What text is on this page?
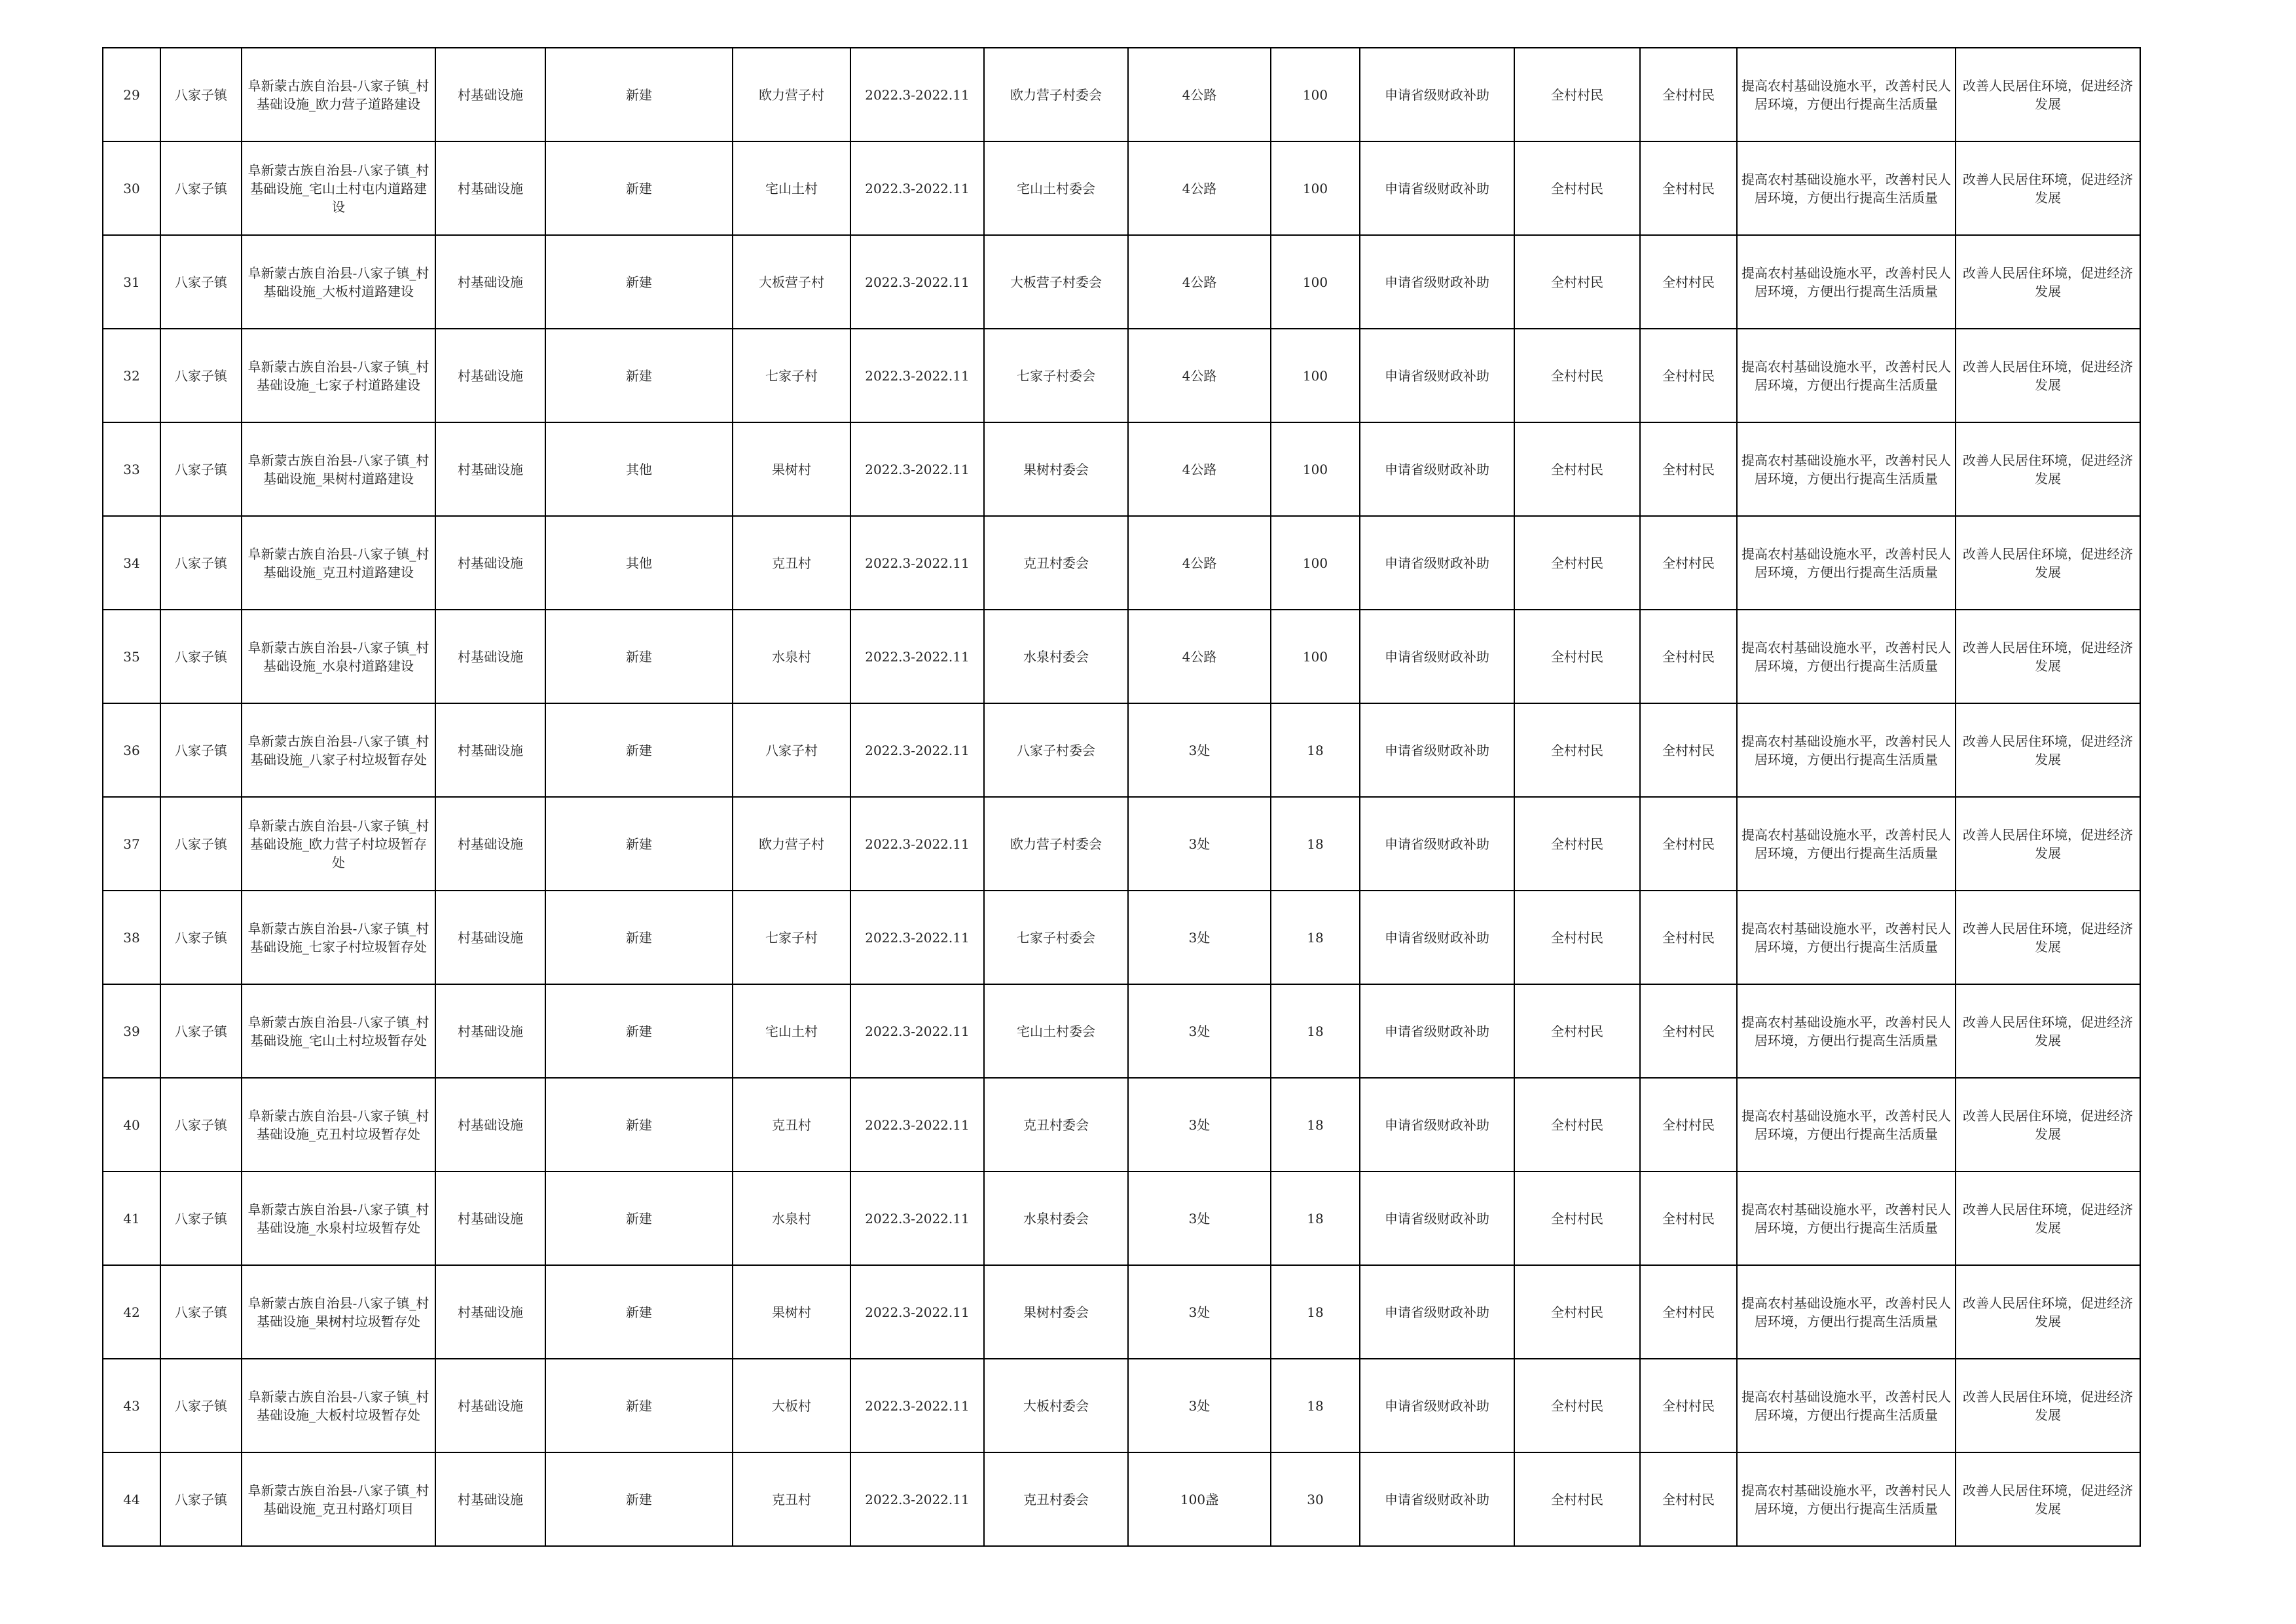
29	八家子镇	阜新蒙古族自治县-八家子镇_村基础设施_欧力营子道路建设	村基础设施	新建	欧力营子村	2022.3-2022.11	欧力营子村委会	4公路	100	申请省级财政补助	全村村民	全村村民	提高农村基础设施水平，改善村民人居环境，方便出行提高生活质量	改善人民居住环境，促进经济发展
30	八家子镇	阜新蒙古族自治县-八家子镇_村基础设施_宅山土村屯内道路建设	村基础设施	新建	宅山土村	2022.3-2022.11	宅山土村委会	4公路	100	申请省级财政补助	全村村民	全村村民	提高农村基础设施水平，改善村民人居环境，方便出行提高生活质量	改善人民居住环境，促进经济发展
31	八家子镇	阜新蒙古族自治县-八家子镇_村基础设施_大板村道路建设	村基础设施	新建	大板营子村	2022.3-2022.11	大板营子村委会	4公路	100	申请省级财政补助	全村村民	全村村民	提高农村基础设施水平，改善村民人居环境，方便出行提高生活质量	改善人民居住环境，促进经济发展
32	八家子镇	阜新蒙古族自治县-八家子镇_村基础设施_七家子村道路建设	村基础设施	新建	七家子村	2022.3-2022.11	七家子村委会	4公路	100	申请省级财政补助	全村村民	全村村民	提高农村基础设施水平，改善村民人居环境，方便出行提高生活质量	改善人民居住环境，促进经济发展
33	八家子镇	阜新蒙古族自治县-八家子镇_村基础设施_果树村道路建设	村基础设施	其他	果树村	2022.3-2022.11	果树村委会	4公路	100	申请省级财政补助	全村村民	全村村民	提高农村基础设施水平，改善村民人居环境，方便出行提高生活质量	改善人民居住环境，促进经济发展
34	八家子镇	阜新蒙古族自治县-八家子镇_村基础设施_克丑村道路建设	村基础设施	其他	克丑村	2022.3-2022.11	克丑村委会	4公路	100	申请省级财政补助	全村村民	全村村民	提高农村基础设施水平，改善村民人居环境，方便出行提高生活质量	改善人民居住环境，促进经济发展
35	八家子镇	阜新蒙古族自治县-八家子镇_村基础设施_水泉村道路建设	村基础设施	新建	水泉村	2022.3-2022.11	水泉村委会	4公路	100	申请省级财政补助	全村村民	全村村民	提高农村基础设施水平，改善村民人居环境，方便出行提高生活质量	改善人民居住环境，促进经济发展
36	八家子镇	阜新蒙古族自治县-八家子镇_村基础设施_八家子村垃圾暂存处	村基础设施	新建	八家子村	2022.3-2022.11	八家子村委会	3处	18	申请省级财政补助	全村村民	全村村民	提高农村基础设施水平，改善村民人居环境，方便出行提高生活质量	改善人民居住环境，促进经济发展
37	八家子镇	阜新蒙古族自治县-八家子镇_村基础设施_欧力营子村垃圾暂存处	村基础设施	新建	欧力营子村	2022.3-2022.11	欧力营子村委会	3处	18	申请省级财政补助	全村村民	全村村民	提高农村基础设施水平，改善村民人居环境，方便出行提高生活质量	改善人民居住环境，促进经济发展
38	八家子镇	阜新蒙古族自治县-八家子镇_村基础设施_七家子村垃圾暂存处	村基础设施	新建	七家子村	2022.3-2022.11	七家子村委会	3处	18	申请省级财政补助	全村村民	全村村民	提高农村基础设施水平，改善村民人居环境，方便出行提高生活质量	改善人民居住环境，促进经济发展
39	八家子镇	阜新蒙古族自治县-八家子镇_村基础设施_宅山土村垃圾暂存处	村基础设施	新建	宅山土村	2022.3-2022.11	宅山土村委会	3处	18	申请省级财政补助	全村村民	全村村民	提高农村基础设施水平，改善村民人居环境，方便出行提高生活质量	改善人民居住环境，促进经济发展
40	八家子镇	阜新蒙古族自治县-八家子镇_村基础设施_克丑村垃圾暂存处	村基础设施	新建	克丑村	2022.3-2022.11	克丑村委会	3处	18	申请省级财政补助	全村村民	全村村民	提高农村基础设施水平，改善村民人居环境，方便出行提高生活质量	改善人民居住环境，促进经济发展
41	八家子镇	阜新蒙古族自治县-八家子镇_村基础设施_水泉村垃圾暂存处	村基础设施	新建	水泉村	2022.3-2022.11	水泉村委会	3处	18	申请省级财政补助	全村村民	全村村民	提高农村基础设施水平，改善村民人居环境，方便出行提高生活质量	改善人民居住环境，促进经济发展
42	八家子镇	阜新蒙古族自治县-八家子镇_村基础设施_果树村垃圾暂存处	村基础设施	新建	果树村	2022.3-2022.11	果树村委会	3处	18	申请省级财政补助	全村村民	全村村民	提高农村基础设施水平，改善村民人居环境，方便出行提高生活质量	改善人民居住环境，促进经济发展
43	八家子镇	阜新蒙古族自治县-八家子镇_村基础设施_大板村垃圾暂存处	村基础设施	新建	大板村	2022.3-2022.11	大板村委会	3处	18	申请省级财政补助	全村村民	全村村民	提高农村基础设施水平，改善村民人居环境，方便出行提高生活质量	改善人民居住环境，促进经济发展
44	八家子镇	阜新蒙古族自治县-八家子镇_村基础设施_克丑村路灯项目	村基础设施	新建	克丑村	2022.3-2022.11	克丑村委会	100盏	30	申请省级财政补助	全村村民	全村村民	提高农村基础设施水平，改善村民人居环境，方便出行提高生活质量	改善人民居住环境，促进经济发展
